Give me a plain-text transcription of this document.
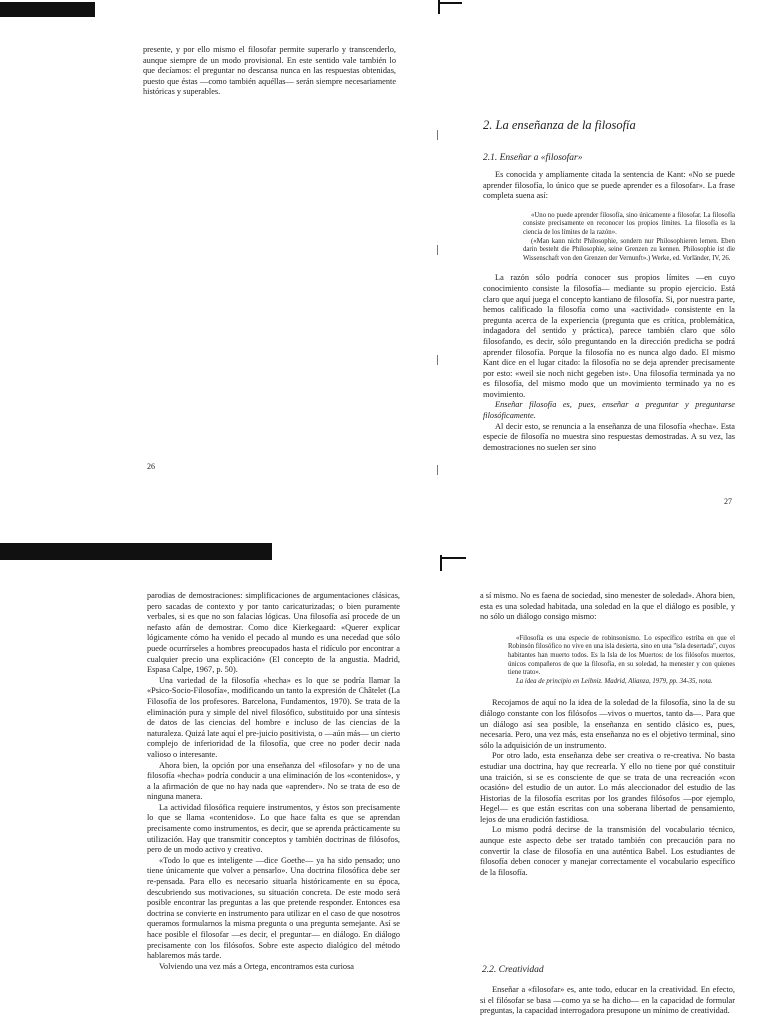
presente, y por ello mismo el filosofar permite superarlo y transcenderlo, aunque siempre de un modo provisional. En este sentido vale también lo que decíamos: el preguntar no descansa nunca en las respuestas obtenidas, puesto que éstas —como también aquéllas— serán siempre necesariamente históricas y superables.

26
2. La enseñanza de la filosofía
2.1. Enseñar a «filosofar»

Es conocida y ampliamente citada la sentencia de Kant: «No se puede aprender filosofía, lo único que se puede aprender es a filosofar». La frase completa suena así:

«Uno no puede aprender filosofía, sino únicamente a filosofar. La filosofía consiste precisamente en reconocer los propios límites. La filosofía es la ciencia de los límites de la razón».

(«Man kann nicht Philosophie, sondern nur Philosophieren lernen. Eben darin besteht die Philosophie, seine Grenzen zu kennen. Philosophie ist die Wissenschaft von den Grenzen der Vernunft».) Werke, ed. Vorländer, IV, 26.

La razón sólo podría conocer sus propios límites —en cuyo conocimiento consiste la filosofía— mediante su propio ejercicio. Está claro que aquí juega el concepto kantiano de filosofía. Si, por nuestra parte, hemos calificado la filosofía como una «actividad» consistente en la pregunta acerca de la experiencia (pregunta que es crítica, problemática, indagadora del sentido y práctica), parece también claro que sólo filosofando, es decir, sólo preguntando en la dirección predicha se podrá aprender filosofía. Porque la filosofía no es nunca algo dado. El mismo Kant dice en el lugar citado: la filosofía no se deja aprender precisamente por esto: «weil sie noch nicht gegeben ist». Una filosofía terminada ya no es filosofía, del mismo modo que un movimiento terminado ya no es movimiento.

Enseñar filosofía es, pues, enseñar a preguntar y preguntarse filosóficamente.

Al decir esto, se renuncia a la enseñanza de una filosofía «hecha». Esta especie de filosofía no muestra sino respuestas demostradas. A su vez, las demostraciones no suelen ser sino

27

parodias de demostraciones: simplificaciones de argumentaciones clásicas, pero sacadas de contexto y por tanto caricaturizadas; o bien puramente verbales, si es que no son falacias lógicas. Una filosofía así procede de un nefasto afán de demostrar. Como dice Kierkegaard: «Querer explicar lógicamente cómo ha venido el pecado al mundo es una necedad que sólo puede ocurrírseles a hombres preocupados hasta el ridículo por encontrar a cualquier precio una explicación» (El concepto de la angustia. Madrid, Espasa Calpe, 1967, p. 50).

Una variedad de la filosofía «hecha» es lo que se podría llamar la «Psico-Socio-Filosofía», modificando un tanto la expresión de Châtelet (La Filosofía de los profesores. Barcelona, Fundamentos, 1970). Se trata de la eliminación pura y simple del nivel filosófico, substituido por una síntesis de datos de las ciencias del hombre e incluso de las ciencias de la naturaleza. Quizá late aquí el pre-juicio positivista, o —aún más— un cierto complejo de inferioridad de la filosofía, que cree no poder decir nada valioso o interesante.

Ahora bien, la opción por una enseñanza del «filosofar» y no de una filosofía «hecha» podría conducir a una eliminación de los «contenidos», y a la afirmación de que no hay nada que «aprender». No se trata de eso de ninguna manera.

La actividad filosófica requiere instrumentos, y éstos son precisamente lo que se llama «contenidos». Lo que hace falta es que se aprendan precisamente como instrumentos, es decir, que se aprenda prácticamente su utilización. Hay que transmitir conceptos y también doctrinas de filósofos, pero de un modo activo y creativo.

«Todo lo que es inteligente —dice Goethe— ya ha sido pensado; uno tiene únicamente que volver a pensarlo». Una doctrina filosófica debe ser re-pensada. Para ello es necesario situarla históricamente en su época, descubriendo sus motivaciones, su situación concreta. De este modo será posible encontrar las preguntas a las que pretende responder. Entonces esa doctrina se convierte en instrumento para utilizar en el caso de que nosotros queramos formularnos la misma pregunta o una pregunta semejante. Así se hace posible el filosofar —es decir, el preguntar— en diálogo. En diálogo precisamente con los filósofos. Sobre este aspecto dialógico del método hablaremos más tarde.

Volviendo una vez más a Ortega, encontramos esta curiosa

a sí mismo. No es faena de sociedad, sino menester de soledad». Ahora bien, esta es una soledad habitada, una soledad en la que el diálogo es posible, y no sólo un diálogo consigo mismo:

«Filosofía es una especie de robinsonismo. Lo específico estriba en que el Robinsón filosófico no vive en una isla desierta, sino en una "isla desertada", cuyos habitantes han muerto todos. Es la Isla de los Muertos: de los filósofos muertos, únicos compañeros de que la filosofía, en su soledad, ha menester y con quienes tiene trato».

La idea de principio en Leibniz. Madrid, Alianza, 1979, pp. 34-35, nota.

Recojamos de aquí no la idea de la soledad de la filosofía, sino la de su diálogo constante con los filósofos —vivos o muertos, tanto da—. Para que un diálogo así sea posible, la enseñanza en sentido clásico es, pues, necesaria. Pero, una vez más, esta enseñanza no es el objetivo terminal, sino sólo la adquisición de un instrumento.

Por otro lado, esta enseñanza debe ser creativa o re-creativa. No basta estudiar una doctrina, hay que recrearla. Y ello no tiene por qué constituir una traición, si se es consciente de que se trata de una recreación «con ocasión» del estudio de un autor. Lo más aleccionador del estudio de las Historias de la filosofía escritas por los grandes filósofos —por ejemplo, Hegel— es que están escritas con una soberana libertad de pensamiento, lejos de una erudición fastidiosa.

Lo mismo podrá decirse de la transmisión del vocabulario técnico, aunque este aspecto debe ser tratado también con precaución para no convertir la clase de filosofía en una auténtica Babel. Los estudiantes de filosofía deben conocer y manejar correctamente el vocabulario específico de la filosofía.

2.2. Creatividad

Enseñar a «filosofar» es, ante todo, educar en la creatividad. En efecto, si el filósofar se basa —como ya se ha dicho— en la capacidad de formular preguntas, la capacidad interrogadora presupone un mínimo de creatividad.
